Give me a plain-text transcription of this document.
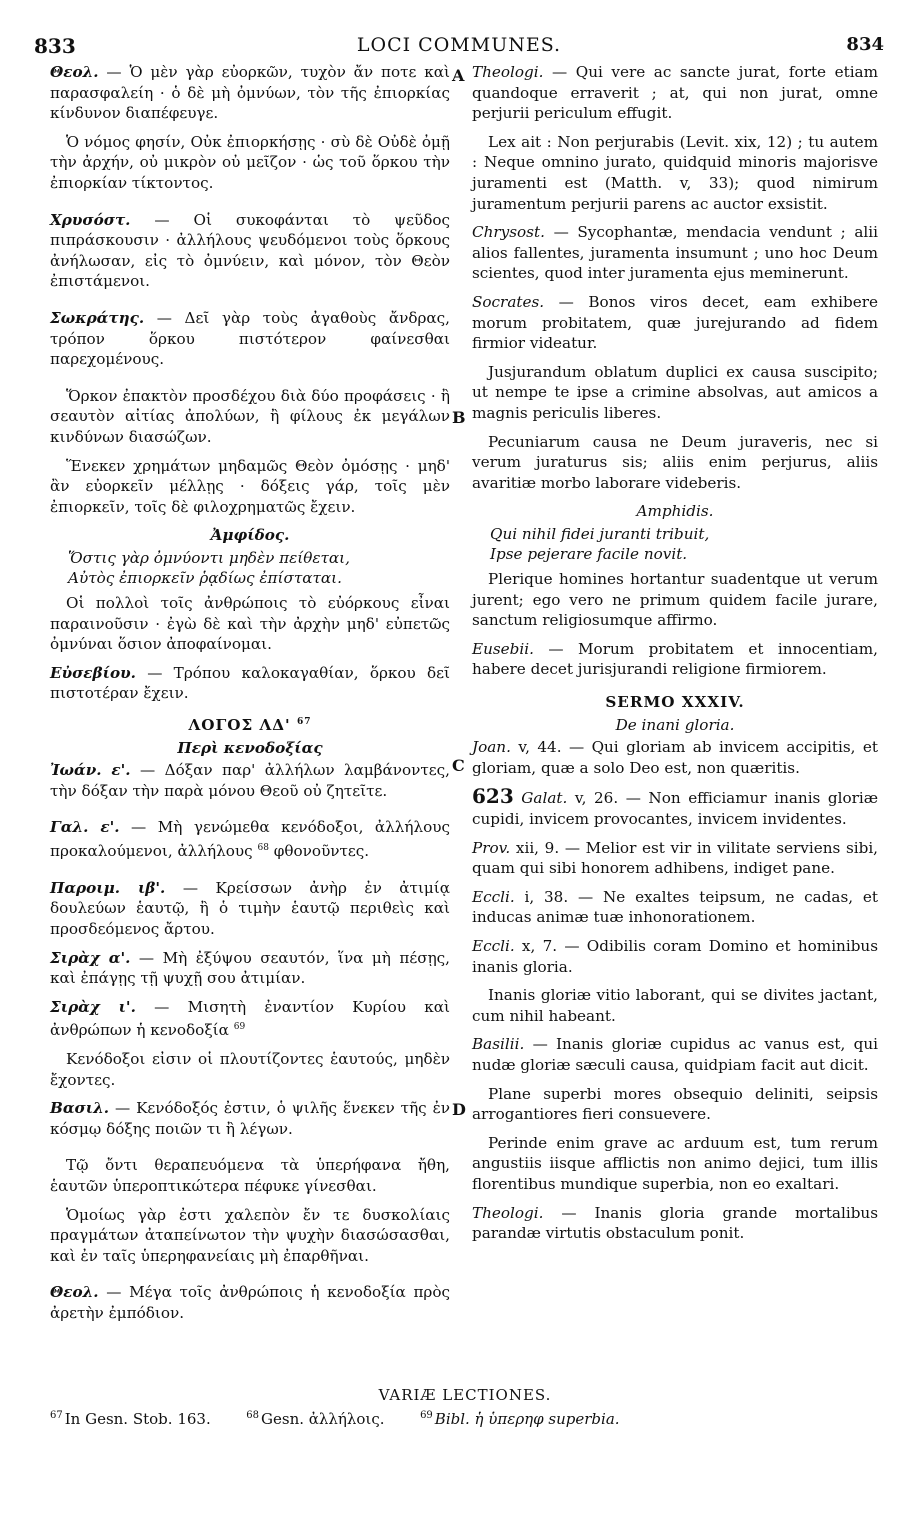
833	LOCI COMMUNES.	834

Θεολ. — Ὁ μὲν γὰρ εὐορκῶν, τυχὸν ἄν ποτε καὶ παρασφαλείη · ὁ δὲ μὴ ὀμνύων, τὸν τῆς ἐπιορκίας κίνδυνον διαπέφευγε.

Ὁ νόμος φησίν, Οὐκ ἐπιορκήσῃς · σὺ δὲ Οὐδὲ ὀμῇ τὴν ἀρχήν, οὐ μικρὸν οὐ μεῖζον · ὡς τοῦ ὅρκου τὴν ἐπιορκίαν τίκτοντος.

Χρυσόστ. — Οἱ συκοφάνται τὸ ψεῦδος πιπράσκουσιν · ἀλλήλους ψευδόμενοι τοὺς ὅρκους ἀνήλωσαν, εἰς τὸ ὀμνύειν, καὶ μόνον, τὸν Θεὸν ἐπιστάμενοι.

Σωκράτης. — Δεῖ γὰρ τοὺς ἀγαθοὺς ἄνδρας, τρόπον ὅρκου πιστότερον φαίνεσθαι παρεχομένους.

Ὅρκον ἐπακτὸν προσδέχου διὰ δύο προφάσεις · ἢ σεαυτὸν αἰτίας ἀπολύων, ἢ φίλους ἐκ μεγάλων κινδύνων διασώζων.

Ἕνεκεν χρημάτων μηδαμῶς Θεὸν ὀμόσῃς · μηδ' ἂν εὐορκεῖν μέλλῃς · δόξεις γάρ, τοῖς μὲν ἐπιορκεῖν, τοῖς δὲ φιλοχρηματῶς ἔχειν.

Ἀμφίδος.

Ὅστις γὰρ ὀμνύοντι μηδὲν πείθεται,

Αὐτὸς ἐπιορκεῖν ῥᾳδίως ἐπίσταται.

Οἱ πολλοὶ τοῖς ἀνθρώποις τὸ εὐόρκους εἶναι παραινοῦσιν · ἐγὼ δὲ καὶ τὴν ἀρχὴν μηδ' εὐπετῶς ὀμνύναι ὅσιον ἀποφαίνομαι.

Εὐσεβίου. — Τρόπου καλοκαγαθίαν, ὅρκου δεῖ πιστοτέραν ἔχειν.

ΛΟΓΟΣ ΛΔ' $^{67}$

Περὶ κενοδοξίας

Ἰωάν. ε'. — Δόξαν παρ' ἀλλήλων λαμβάνοντες, τὴν δόξαν τὴν παρὰ μόνου Θεοῦ οὐ ζητεῖτε.

Γαλ. ε'. — Μὴ γενώμεθα κενόδοξοι, ἀλλήλους προκαλούμενοι, ἀλλήλους $^{68}$ φθονοῦντες.

Παροιμ. ιβ'. — Κρείσσων ἀνὴρ ἐν ἀτιμίᾳ δουλεύων ἑαυτῷ, ἢ ὁ τιμὴν ἑαυτῷ περιθεὶς καὶ προσδεόμενος ἄρτου.

Σιρὰχ α'. — Μὴ ἐξύψου σεαυτόν, ἵνα μὴ πέσῃς, καὶ ἐπάγῃς τῇ ψυχῇ σου ἀτιμίαν.

Σιρὰχ ι'. — Μισητὴ ἐναντίον Κυρίου καὶ ἀνθρώπων ἡ κενοδοξία $^{69}$

Κενόδοξοι εἰσιν οἱ πλουτίζοντες ἑαυτούς, μηδὲν ἔχοντες.

Βασιλ. — Κενόδοξός ἐστιν, ὁ ψιλῆς ἕνεκεν τῆς ἐν κόσμῳ δόξης ποιῶν τι ἢ λέγων.

Τῷ ὄντι θεραπευόμενα τὰ ὑπερήφανα ἤθη, ἑαυτῶν ὑπεροπτικώτερα πέφυκε γίνεσθαι.

Ὁμοίως γὰρ ἐστι χαλεπὸν ἔν τε δυσκολίαις πραγμάτων ἀταπείνωτον τὴν ψυχὴν διασώσασθαι, καὶ ἐν ταῖς ὑπερηφανείαις μὴ ἐπαρθῆναι.

Θεολ. — Μέγα τοῖς ἀνθρώποις ἡ κενοδοξία πρὸς ἀρετὴν ἐμπόδιον.

A
B
C
D

Theologi. — Qui vere ac sancte jurat, forte etiam quandoque erraverit ; at, qui non jurat, omne perjurii periculum effugit.

Lex ait : Non perjurabis (Levit. xix, 12) ; tu autem : Neque omnino jurato, quidquid minoris majorisve juramenti est (Matth. v, 33); quod nimirum juramentum perjurii parens ac auctor exsistit.

Chrysost. — Sycophantæ, mendacia vendunt ; alii alios fallentes, juramenta insumunt ; uno hoc Deum scientes, quod inter juramenta ejus meminerunt.

Socrates. — Bonos viros decet, eam exhibere morum probitatem, quæ jurejurando ad fidem firmior videatur.

Jusjurandum oblatum duplici ex causa suscipito; ut nempe te ipse a crimine absolvas, aut amicos a magnis periculis liberes.

Pecuniarum causa ne Deum juraveris, nec si verum juraturus sis; aliis enim perjurus, aliis avaritiæ morbo laborare videberis.

Amphidis.

Qui nihil fidei juranti tribuit,

Ipse pejerare facile novit.

Plerique homines hortantur suadentque ut verum jurent; ego vero ne primum quidem facile jurare, sanctum religiosumque affirmo.

Eusebii. — Morum probitatem et innocentiam, habere decet jurisjurandi religione firmiorem.

SERMO XXXIV.

De inani gloria.

Joan. v, 44. — Qui gloriam ab invicem accipitis, et gloriam, quæ a solo Deo est, non quæritis.

623 Galat. v, 26. — Non efficiamur inanis gloriæ cupidi, invicem provocantes, invicem invidentes.

Prov. xii, 9. — Melior est vir in vilitate serviens sibi, quam qui sibi honorem adhibens, indiget pane.

Eccli. i, 38. — Ne exaltes teipsum, ne cadas, et inducas animæ tuæ inhonorationem.

Eccli. x, 7. — Odibilis coram Domino et hominibus inanis gloria.

Inanis gloriæ vitio laborant, qui se divites jactant, cum nihil habeant.

Basilii. — Inanis gloriæ cupidus ac vanus est, qui nudæ gloriæ sæculi causa, quidpiam facit aut dicit.

Plane superbi mores obsequio deliniti, seipsis arrogantiores fieri consuevere.

Perinde enim grave ac arduum est, tum rerum angustiis iisque afflictis non animo dejici, tum illis florentibus mundique superbia, non eo exaltari.

Theologi. — Inanis gloria grande mortalibus parandæ virtutis obstaculum ponit.

VARIÆ LECTIONES.
$^{67}$ In Gesn. Stob. 163.	$^{68}$ Gesn. ἀλλήλοις.	$^{69}$ Bibl. ἡ ὑπερηφ superbia.
